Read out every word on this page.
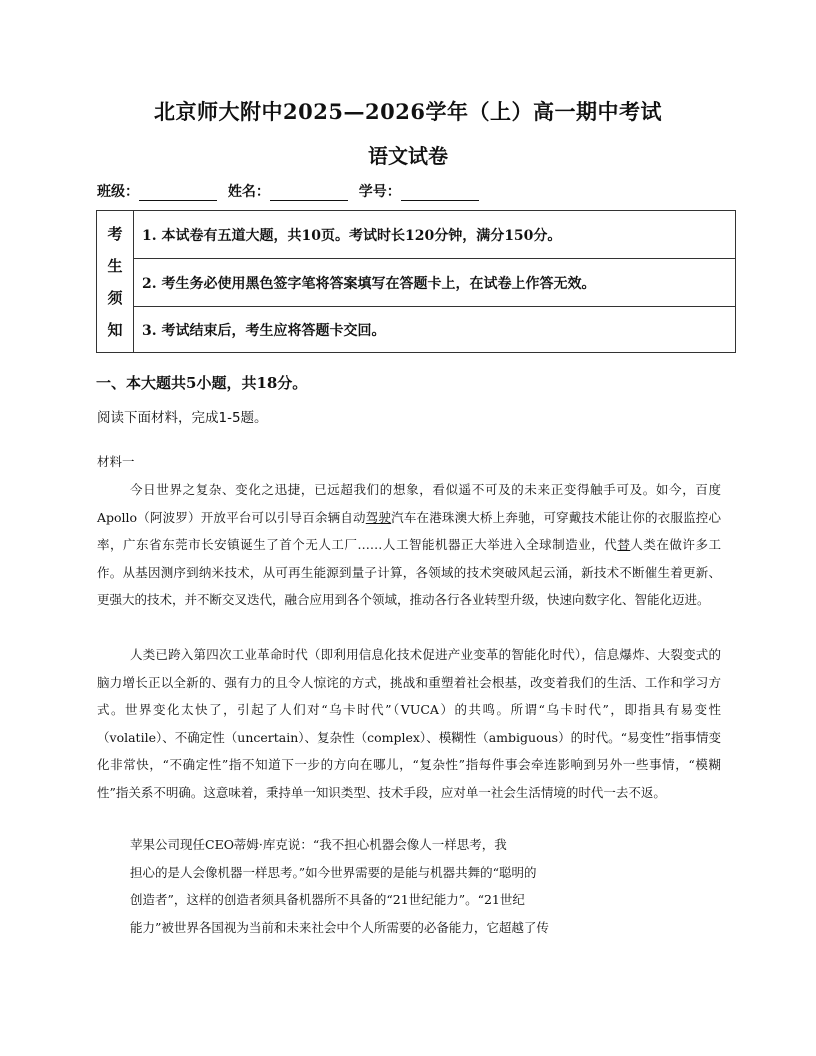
北京师大附中2025—2026学年（上）高一期中考试
语文试卷
班级：	姓名：	学号：
考
生
须
知
1. 本试卷有五道大题，共10页。考试时长120分钟，满分150分。
2. 考生务必使用黑色签字笔将答案填写在答题卡上，在试卷上作答无效。
3. 考试结束后，考生应将答题卡交回。
一、本大题共5小题，共18分。
阅读下面材料，完成1-5题。
材料一

今日世界之复杂、变化之迅捷，已远超我们的想象，看似遥不可及的未来正变得触手可及。如今，百度Apollo（阿波罗）开放平台可以引导百余辆自动驾驶汽车在港珠澳大桥上奔驰，可穿戴技术能让你的衣服监控心率，广东省东莞市长安镇诞生了首个无人工厂……人工智能机器正大举进入全球制造业，代替人类在做许多工作。从基因测序到纳米技术，从可再生能源到量子计算，各领域的技术突破风起云涌，新技术不断催生着更新、更强大的技术，并不断交叉迭代，融合应用到各个领域，推动各行各业转型升级，快速向数字化、智能化迈进。

人类已跨入第四次工业革命时代（即利用信息化技术促进产业变革的智能化时代），信息爆炸、大裂变式的脑力增长正以全新的、强有力的且令人惊诧的方式，挑战和重塑着社会根基，改变着我们的生活、工作和学习方式。世界变化太快了，引起了人们对“乌卡时代”（VUCA）的共鸣。所谓“乌卡时代”，即指具有易变性（volatile）、不确定性（uncertain）、复杂性（complex）、模糊性（ambiguous）的时代。“易变性”指事情变化非常快，“不确定性”指不知道下一步的方向在哪儿，“复杂性”指每件事会牵连影响到另外一些事情，“模糊性”指关系不明确。这意味着，秉持单一知识类型、技术手段，应对单一社会生活情境的时代一去不返。

苹果公司现任CEO蒂姆·库克说：“我不担心机器会像人一样思考，我
担心的是人会像机器一样思考。”如今世界需要的是能与机器共舞的“聪明的
创造者”，这样的创造者须具备机器所不具备的“21世纪能力”。“21世纪
能力”被世界各国视为当前和未来社会中个人所需要的必备能力，它超越了传
